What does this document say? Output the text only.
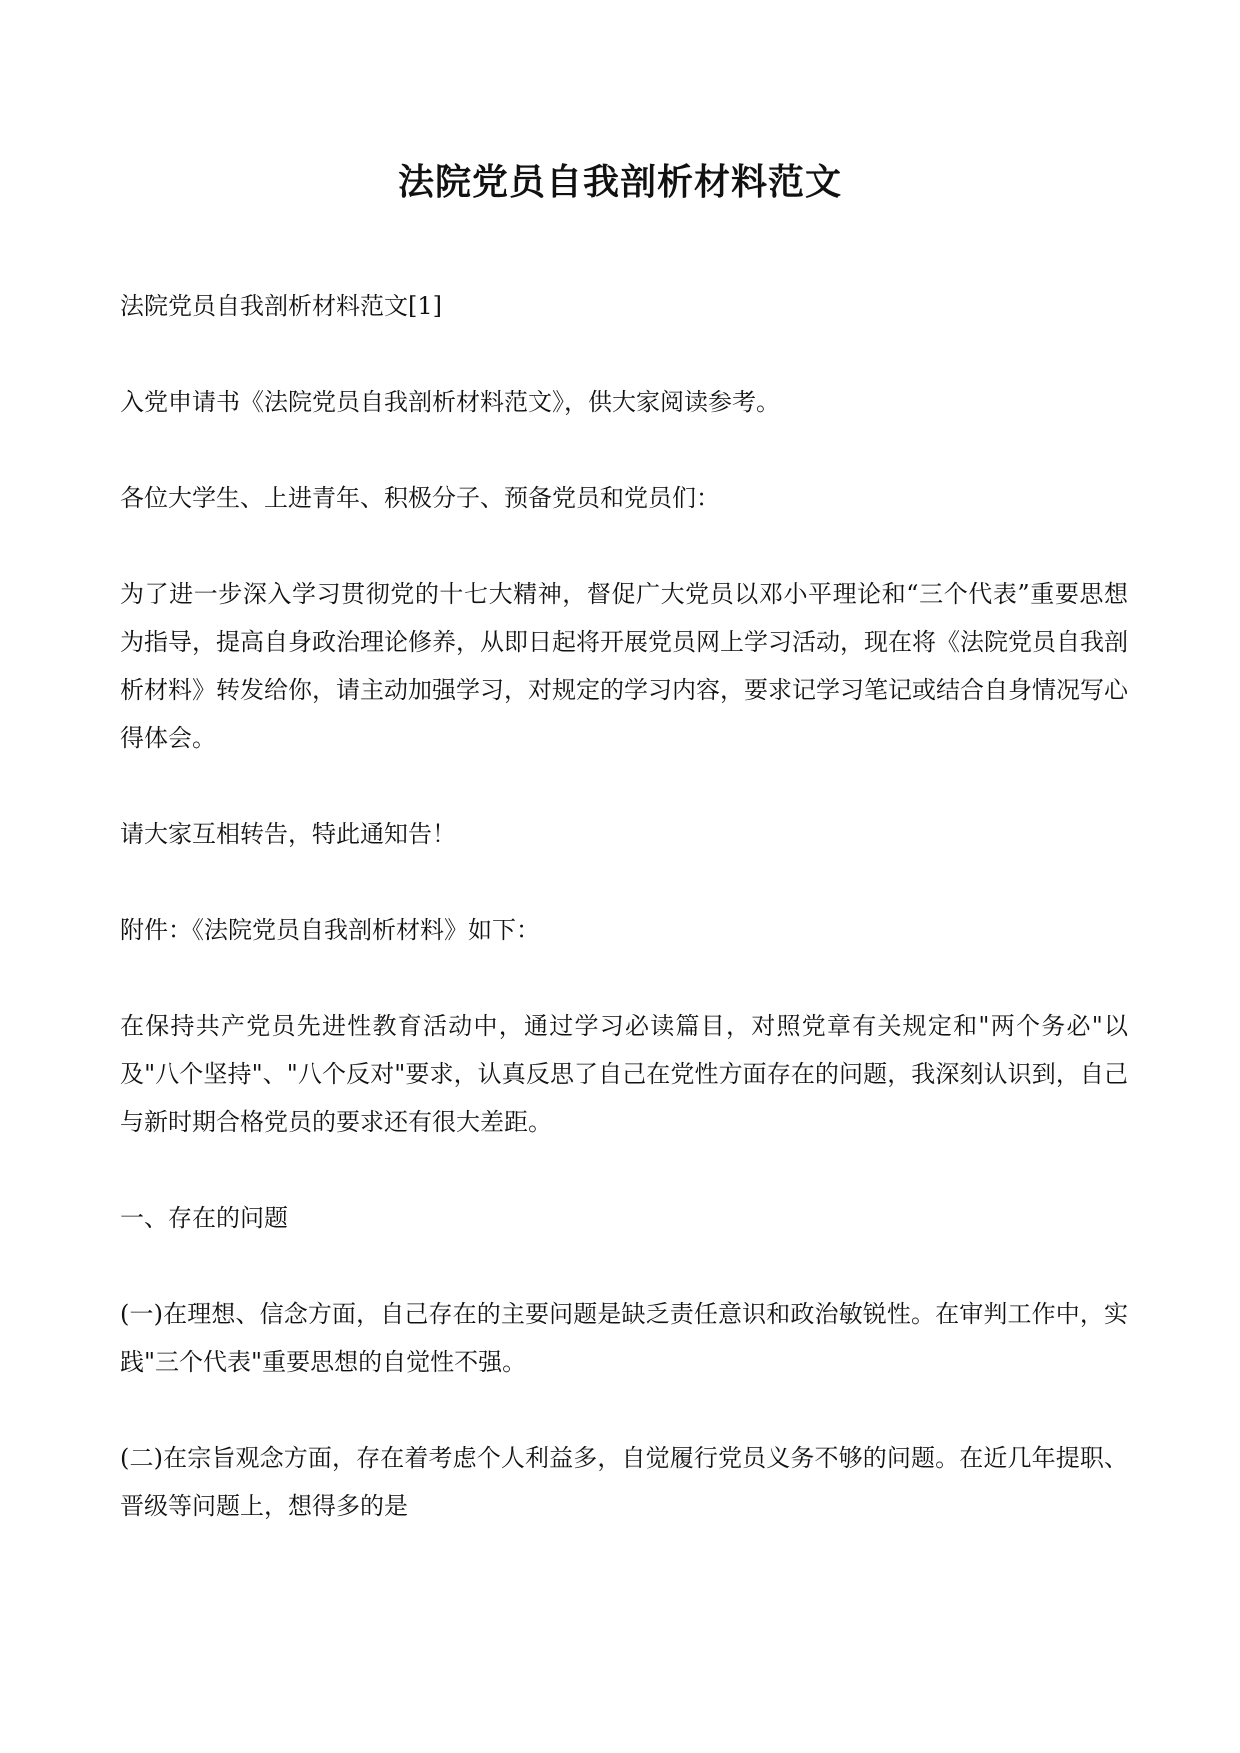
法院党员自我剖析材料范文

法院党员自我剖析材料范文[1]

入党申请书《法院党员自我剖析材料范文》，供大家阅读参考。

各位大学生、上进青年、积极分子、预备党员和党员们：

为了进一步深入学习贯彻党的十七大精神，督促广大党员以邓小平理论和“三个代表”重要思想为指导，提高自身政治理论修养，从即日起将开展党员网上学习活动，现在将《法院党员自我剖析材料》转发给你，请主动加强学习，对规定的学习内容，要求记学习笔记或结合自身情况写心得体会。

请大家互相转告，特此通知告！

附件：《法院党员自我剖析材料》如下：

在保持共产党员先进性教育活动中，通过学习必读篇目，对照党章有关规定和"两个务必"以及"八个坚持"、"八个反对"要求，认真反思了自己在党性方面存在的问题，我深刻认识到，自己与新时期合格党员的要求还有很大差距。

一、存在的问题

(一)在理想、信念方面，自己存在的主要问题是缺乏责任意识和政治敏锐性。在审判工作中，实践"三个代表"重要思想的自觉性不强。

(二)在宗旨观念方面，存在着考虑个人利益多，自觉履行党员义务不够的问题。在近几年提职、晋级等问题上，想得多的是
